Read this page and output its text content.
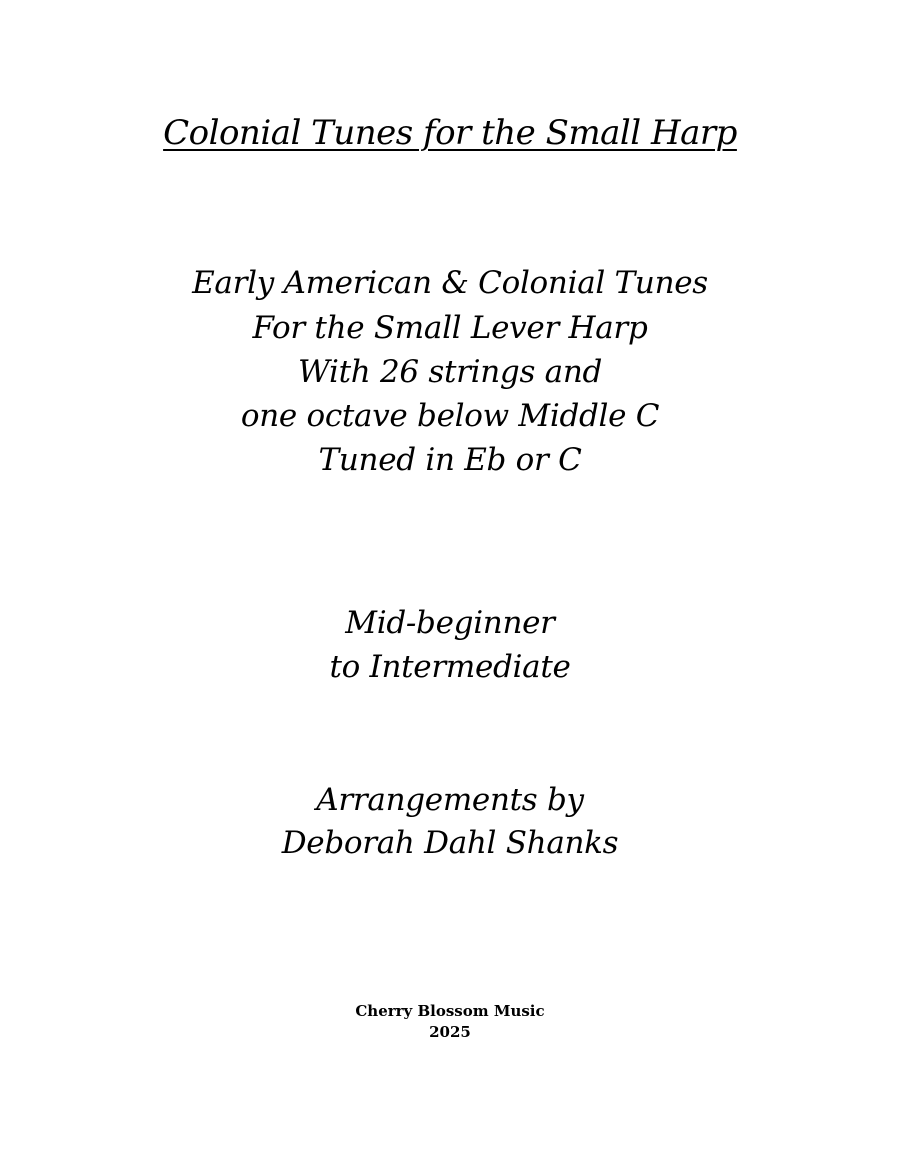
Colonial Tunes for the Small Harp
Early American & Colonial Tunes
For the Small Lever Harp
With 26 strings and
one octave below Middle C
Tuned in Eb or C
Mid-beginner
to Intermediate
Arrangements by
Deborah Dahl Shanks
Cherry Blossom Music
2025
